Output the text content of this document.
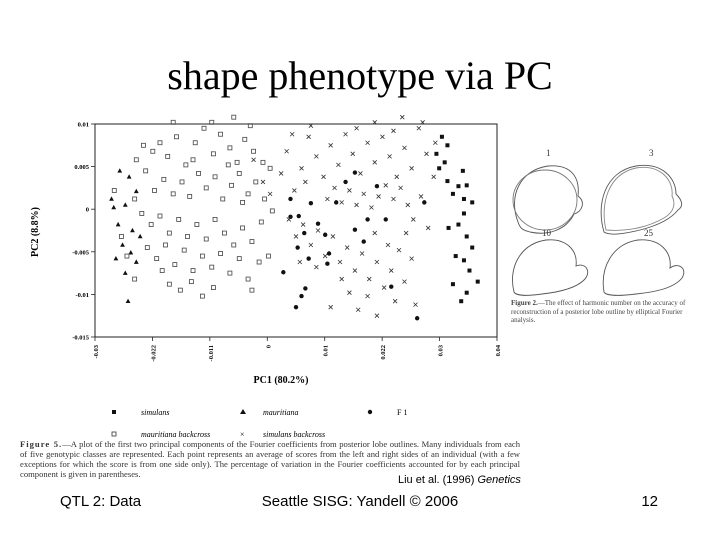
shape phenotype via PC
-0.03	-0.022	-0.011	0	0.01	0.022	0.03	0.04
0.01
0.005
0
-0.005
-0.01
-0.015
PC1 (80.2%)
PC2 (8.8%)
simulans	mauritiana	F 1
mauritiana backcross	× simulans backcross
1	3
10	25
Figure 2.—The effect of harmonic number on the accuracy of reconstruction of a posterior lobe outline by elliptical Fourier analysis.
Figure 5.—A plot of the first two principal components of the Fourier coefficients from posterior lobe outlines. Many individuals from each of five genotypic classes are represented. Each point represents an average of scores from the left and right sides of an individual (with a few exceptions for which the score is from one side only). The percentage of variation in the Fourier coefficients accounted for by each principal component is given in parentheses.	Liu et al. (1996) Genetics
QTL 2: Data	Seattle SISG: Yandell © 2006	12
